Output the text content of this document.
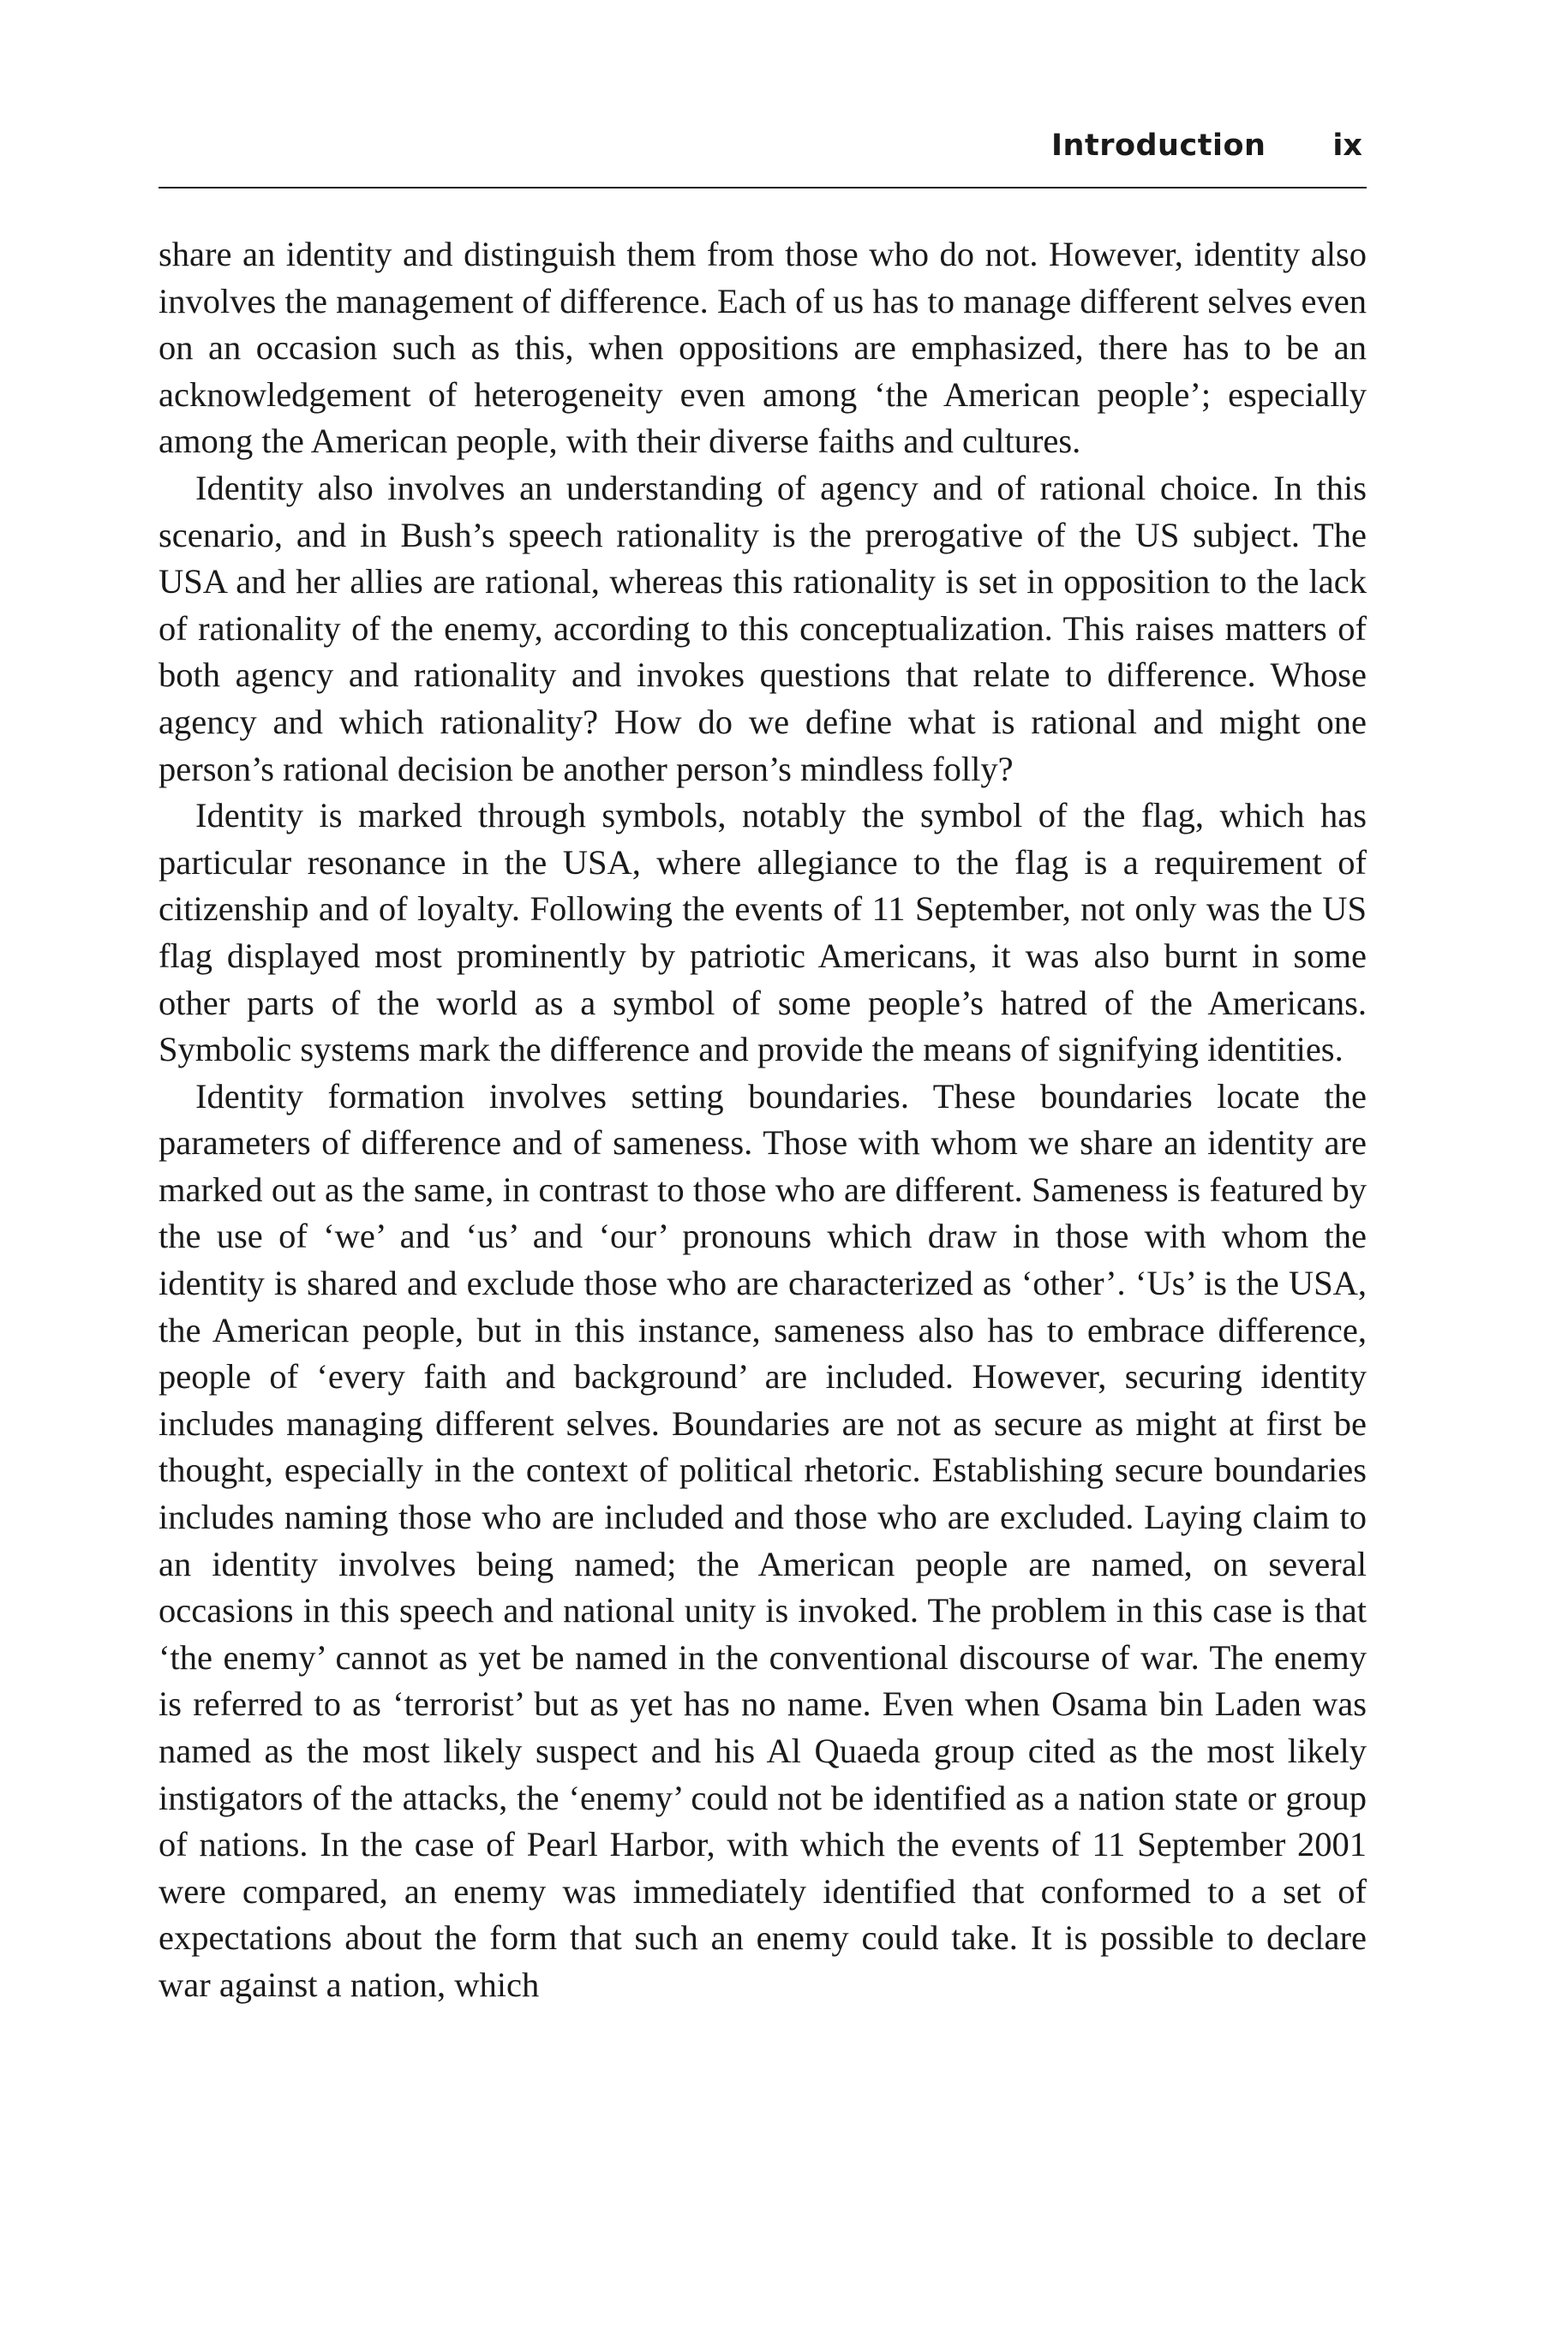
Introduction ix

share an identity and distinguish them from those who do not. However, identity also involves the management of difference. Each of us has to manage different selves even on an occasion such as this, when oppositions are emphasized, there has to be an acknowledgement of heterogeneity even among ‘the American people’; especially among the American people, with their diverse faiths and cultures.

Identity also involves an understanding of agency and of rational choice. In this scenario, and in Bush’s speech rationality is the prerogative of the US subject. The USA and her allies are rational, whereas this rationality is set in opposition to the lack of rationality of the enemy, according to this conceptualization. This raises matters of both agency and rationality and invokes questions that relate to difference. Whose agency and which rationality? How do we define what is rational and might one person’s rational decision be another person’s mindless folly?

Identity is marked through symbols, notably the symbol of the flag, which has particular resonance in the USA, where allegiance to the flag is a requirement of citizenship and of loyalty. Following the events of 11 September, not only was the US flag displayed most prominently by patriotic Americans, it was also burnt in some other parts of the world as a symbol of some people’s hatred of the Americans. Symbolic systems mark the difference and provide the means of signifying identities.

Identity formation involves setting boundaries. These boundaries locate the parameters of difference and of sameness. Those with whom we share an identity are marked out as the same, in contrast to those who are different. Sameness is featured by the use of ‘we’ and ‘us’ and ‘our’ pronouns which draw in those with whom the identity is shared and exclude those who are characterized as ‘other’. ‘Us’ is the USA, the American people, but in this instance, sameness also has to embrace difference, people of ‘every faith and background’ are included. However, securing identity includes managing different selves. Boundaries are not as secure as might at first be thought, especially in the context of political rhetoric. Establishing secure boundaries includes naming those who are included and those who are excluded. Laying claim to an identity involves being named; the American people are named, on several occasions in this speech and national unity is invoked. The problem in this case is that ‘the enemy’ cannot as yet be named in the conventional discourse of war. The enemy is referred to as ‘terrorist’ but as yet has no name. Even when Osama bin Laden was named as the most likely suspect and his Al Quaeda group cited as the most likely instigators of the attacks, the ‘enemy’ could not be identified as a nation state or group of nations. In the case of Pearl Harbor, with which the events of 11 September 2001 were compared, an enemy was immediately identified that conformed to a set of expectations about the form that such an enemy could take. It is possible to declare war against a nation, which
